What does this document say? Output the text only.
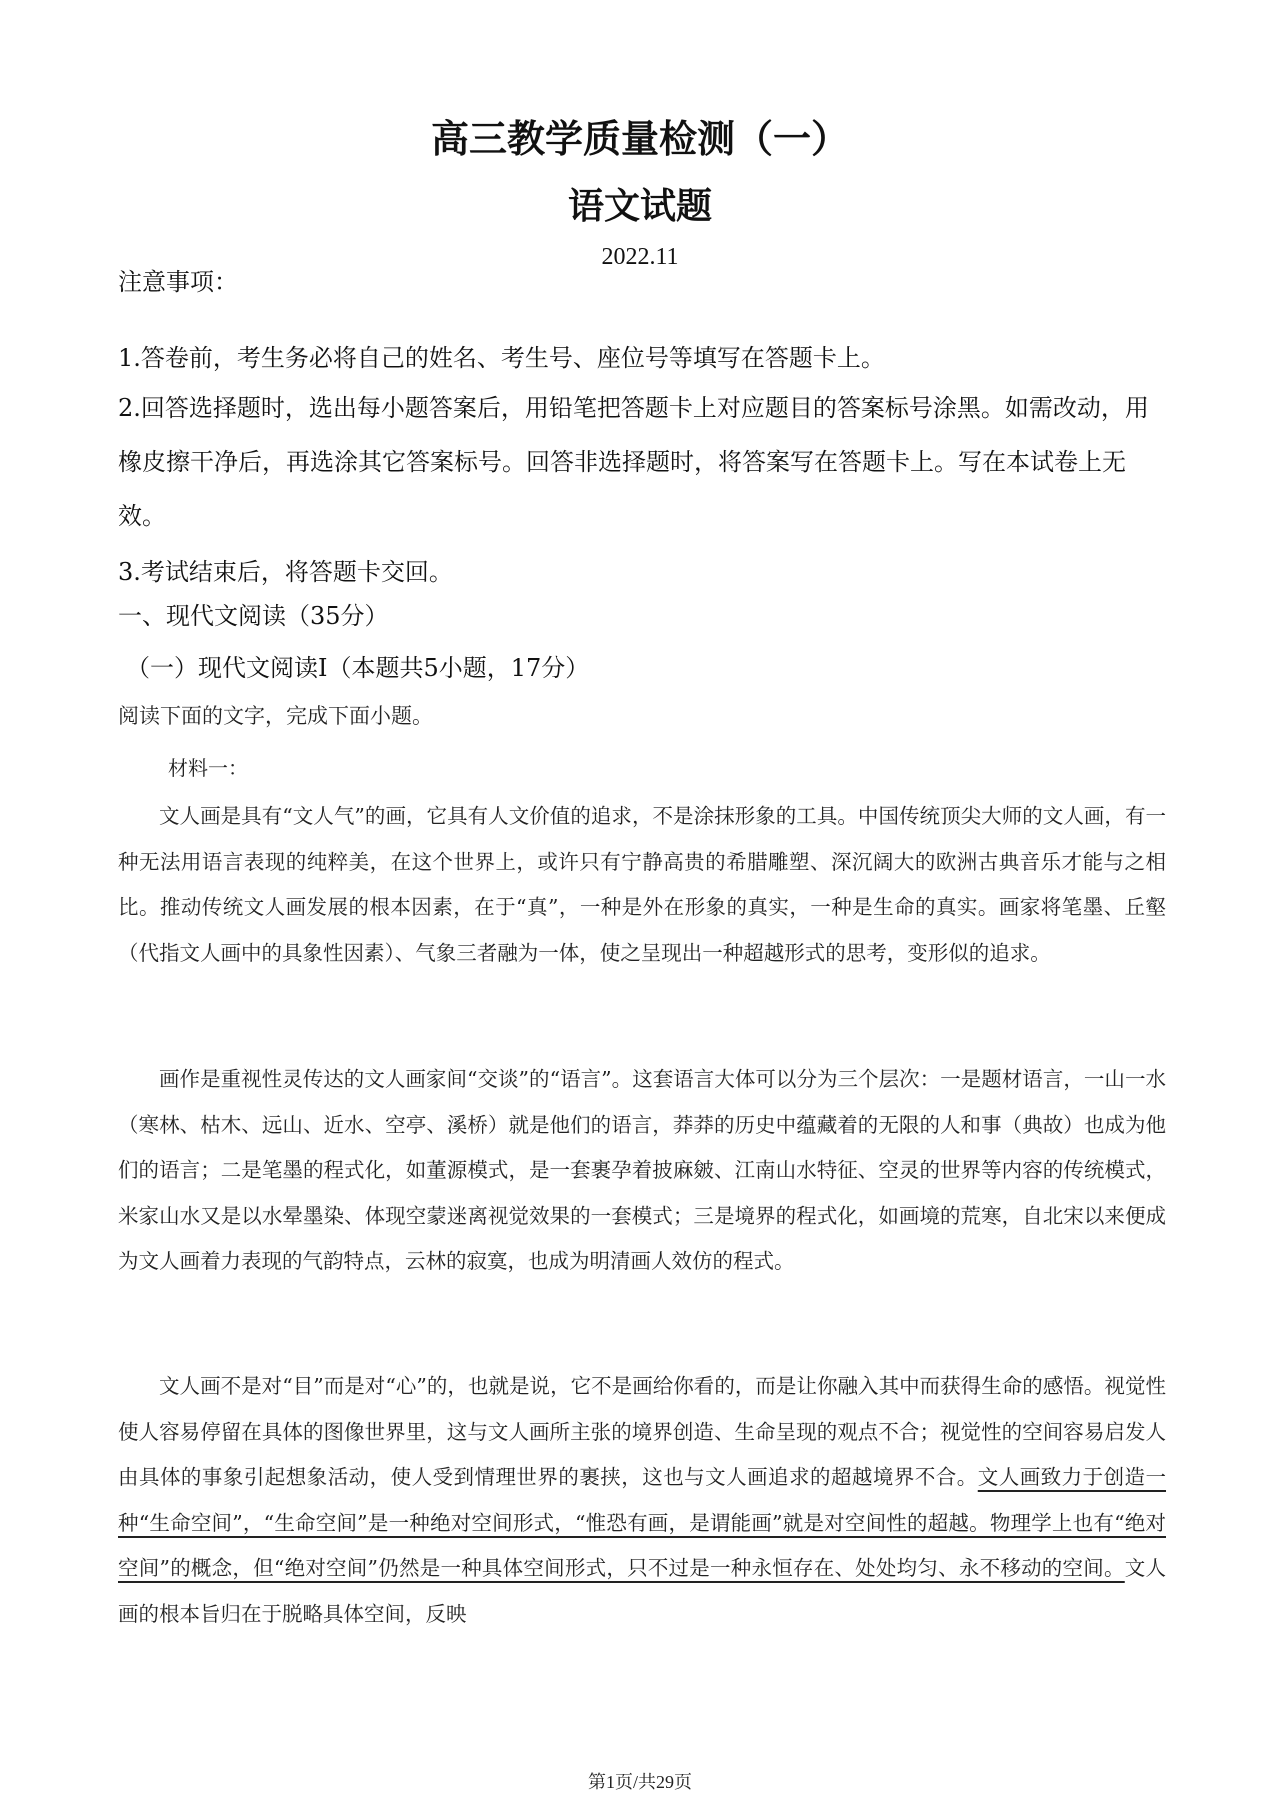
高三教学质量检测（一）
语文试题
2022.11
注意事项：
1.答卷前，考生务必将自己的姓名、考生号、座位号等填写在答题卡上。
2.回答选择题时，选出每小题答案后，用铅笔把答题卡上对应题目的答案标号涂黑。如需改动，用橡皮擦干净后，再选涂其它答案标号。回答非选择题时，将答案写在答题卡上。写在本试卷上无效。
3.考试结束后，将答题卡交回。
一、现代文阅读（35分）
（一）现代文阅读Ⅰ（本题共5小题，17分）
阅读下面的文字，完成下面小题。
材料一：

文人画是具有“文人气”的画，它具有人文价值的追求，不是涂抹形象的工具。中国传统顶尖大师的文人画，有一种无法用语言表现的纯粹美，在这个世界上，或许只有宁静高贵的希腊雕塑、深沉阔大的欧洲古典音乐才能与之相比。推动传统文人画发展的根本因素，在于“真”，一种是外在形象的真实，一种是生命的真实。画家将笔墨、丘壑（代指文人画中的具象性因素）、气象三者融为一体，使之呈现出一种超越形式的思考，变形似的追求。

画作是重视性灵传达的文人画家间“交谈”的“语言”。这套语言大体可以分为三个层次：一是题材语言，一山一水（寒林、枯木、远山、近水、空亭、溪桥）就是他们的语言，莽莽的历史中蕴藏着的无限的人和事（典故）也成为他们的语言；二是笔墨的程式化，如董源模式，是一套裹孕着披麻皴、江南山水特征、空灵的世界等内容的传统模式，米家山水又是以水晕墨染、体现空蒙迷离视觉效果的一套模式；三是境界的程式化，如画境的荒寒，自北宋以来便成为文人画着力表现的气韵特点，云林的寂寞，也成为明清画人效仿的程式。

文人画不是对“目”而是对“心”的，也就是说，它不是画给你看的，而是让你融入其中而获得生命的感悟。视觉性使人容易停留在具体的图像世界里，这与文人画所主张的境界创造、生命呈现的观点不合；视觉性的空间容易启发人由具体的事象引起想象活动，使人受到情理世界的裹挟，这也与文人画追求的超越境界不合。文人画致力于创造一种“生命空间”，“生命空间”是一种绝对空间形式，“惟恐有画，是谓能画”就是对空间性的超越。物理学上也有“绝对空间”的概念，但“绝对空间”仍然是一种具体空间形式，只不过是一种永恒存在、处处均匀、永不移动的空间。文人画的根本旨归在于脱略具体空间，反映

第1页/共29页
